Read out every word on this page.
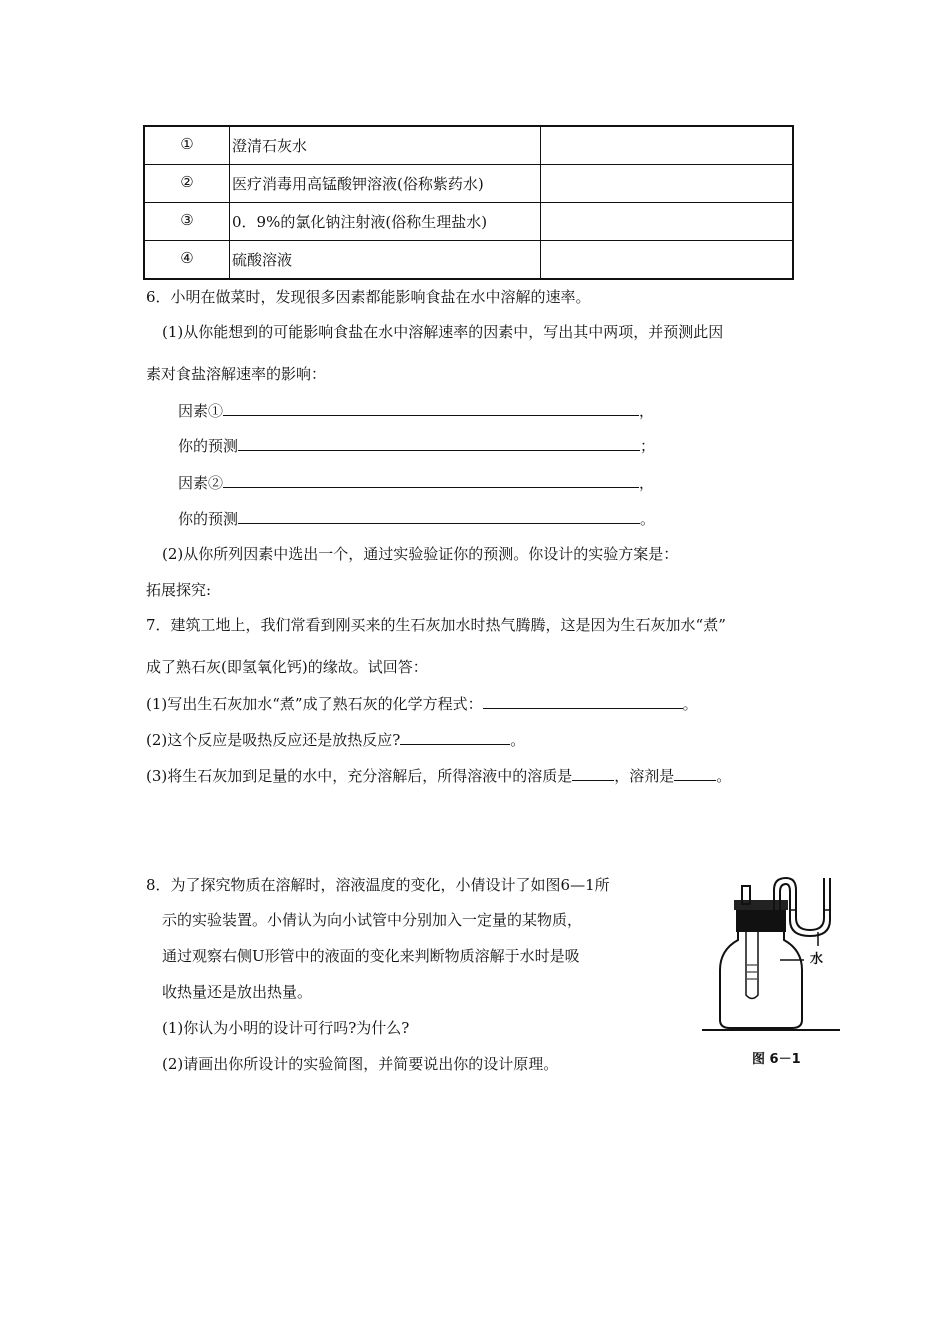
①	澄清石灰水	
②	医疗消毒用高锰酸钾溶液(俗称紫药水)	
③	0．9%的氯化钠注射液(俗称生理盐水)	
④	硫酸溶液	
6．小明在做菜时，发现很多因素都能影响食盐在水中溶解的速率。
(1)从你能想到的可能影响食盐在水中溶解速率的因素中，写出其中两项，并预测此因
素对食盐溶解速率的影响：
因素①	，
你的预测	；
因素②	，
你的预测	。
(2)从你所列因素中选出一个，通过实验验证你的预测。你设计的实验方案是：
拓展探究:
7．建筑工地上，我们常看到刚买来的生石灰加水时热气腾腾，这是因为生石灰加水“煮”
成了熟石灰(即氢氧化钙)的缘故。试回答：
(1)写出生石灰加水“煮”成了熟石灰的化学方程式：	。
(2)这个反应是吸热反应还是放热反应?	。
(3)将生石灰加到足量的水中，充分溶解后，所得溶液中的溶质是	，溶剂是	。
8．为了探究物质在溶解时，溶液温度的变化，小倩设计了如图6—1所
示的实验装置。小倩认为向小试管中分别加入一定量的某物质，
通过观察右侧U形管中的液面的变化来判断物质溶解于水时是吸
收热量还是放出热量。
(1)你认为小明的设计可行吗?为什么?
(2)请画出你所设计的实验简图，并简要说出你的设计原理。
水
图 6－1
